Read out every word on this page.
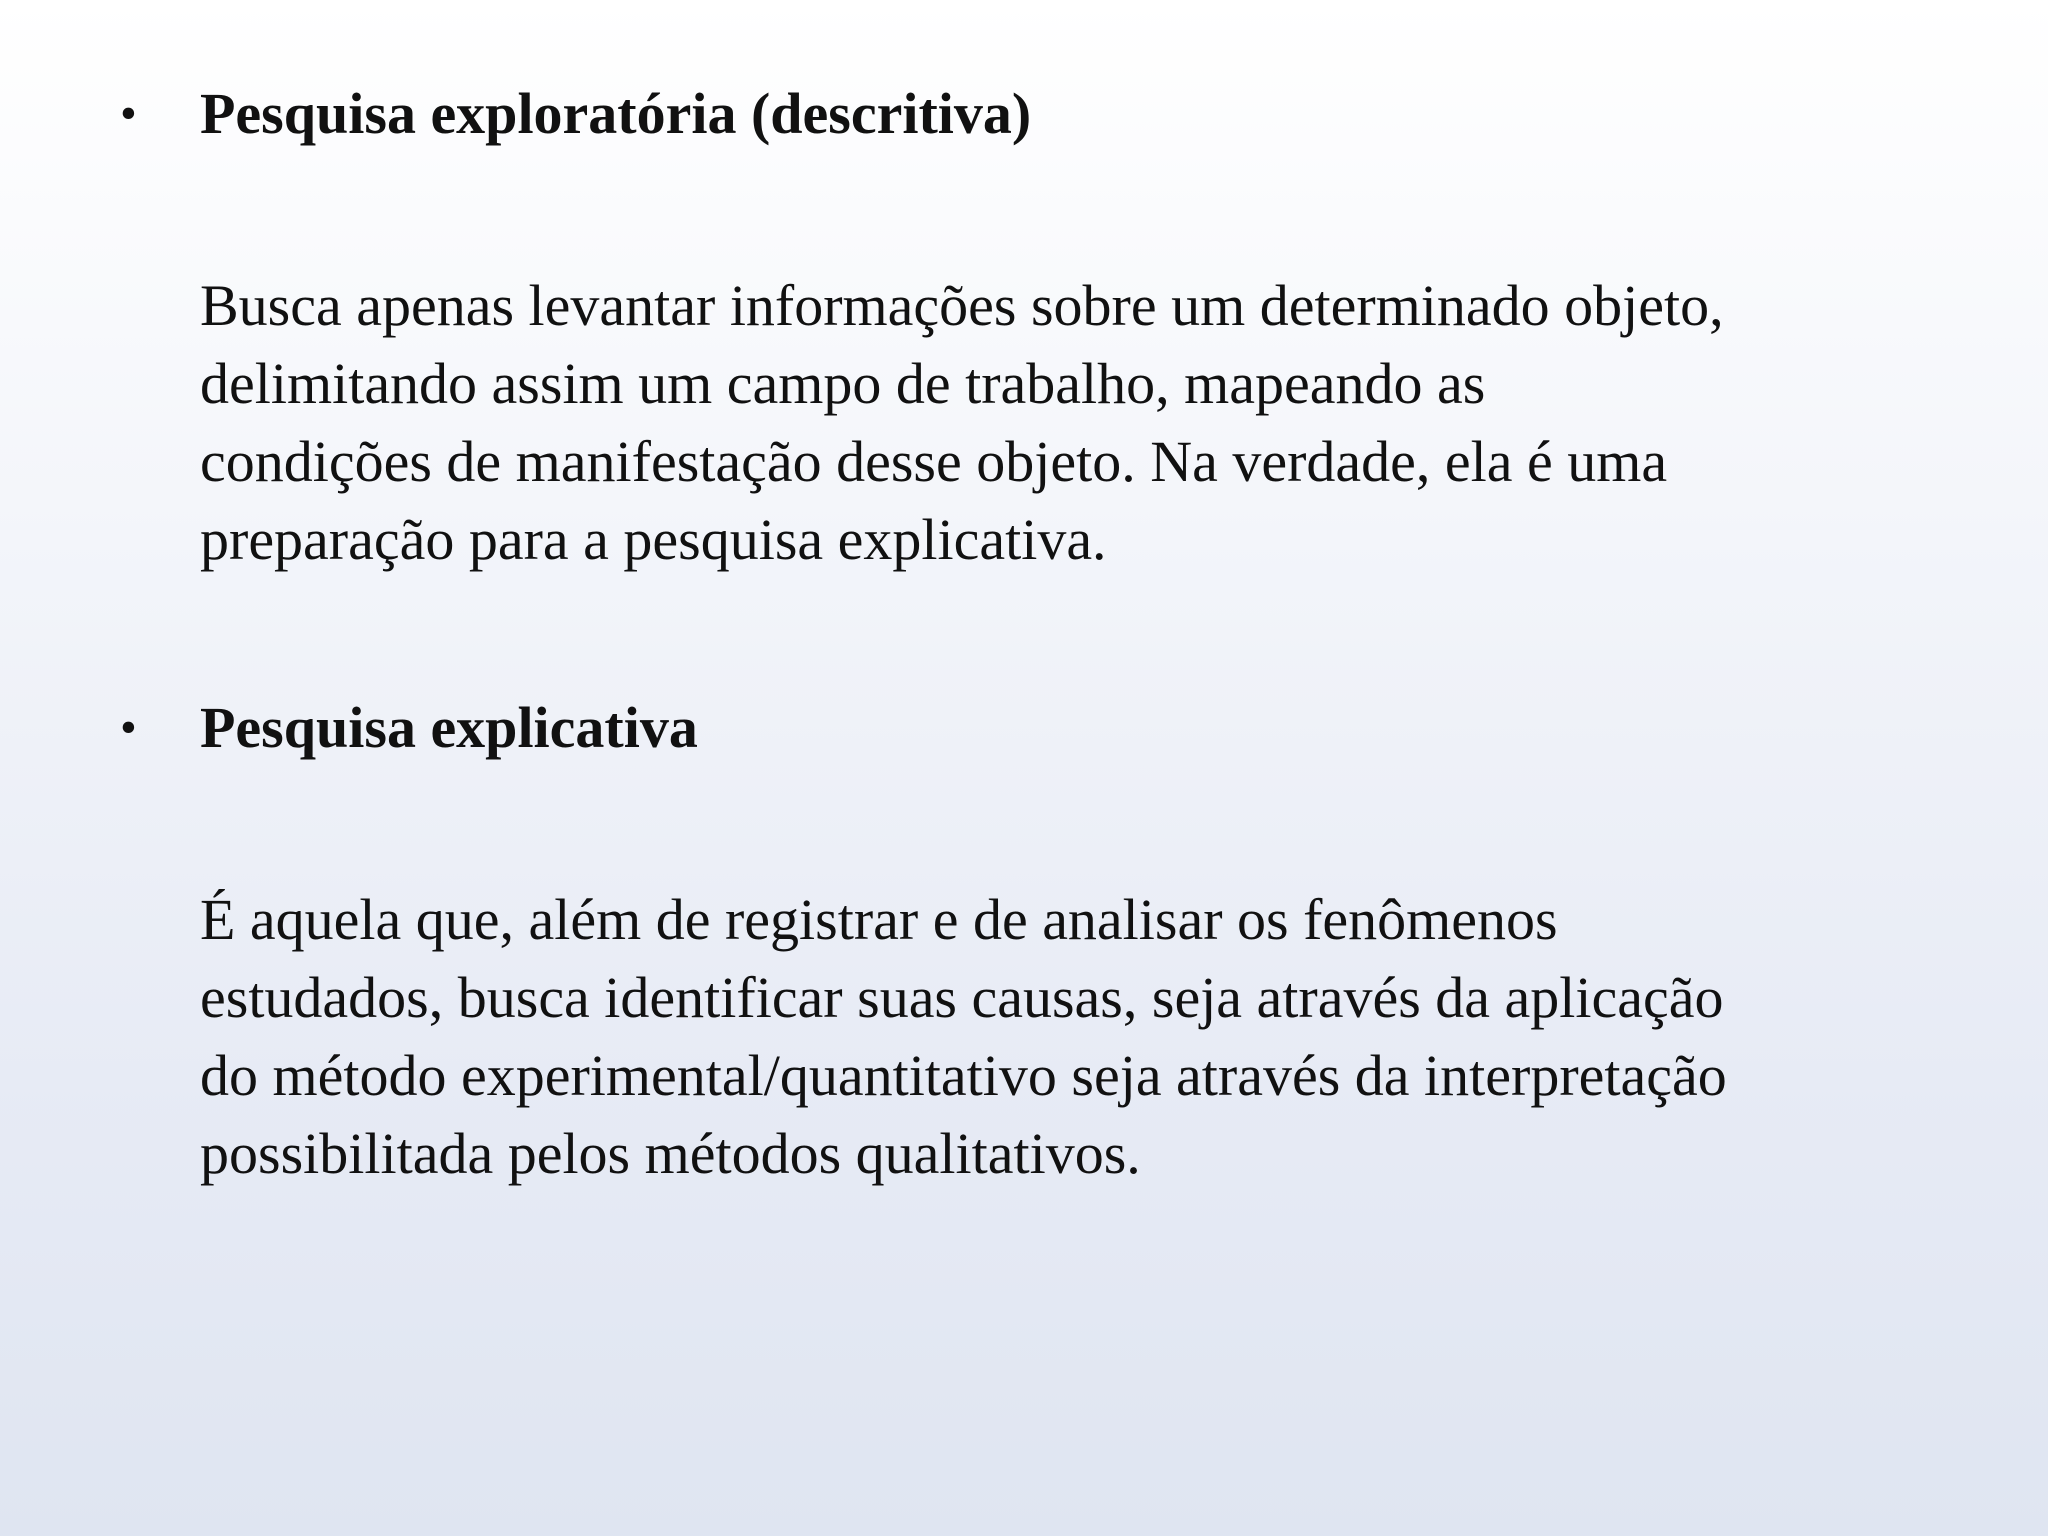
• Pesquisa exploratória (descritiva)
Busca apenas levantar informações sobre um determinado objeto,
delimitando assim um campo de trabalho, mapeando as
condições de manifestação desse objeto. Na verdade, ela é uma
preparação para a pesquisa explicativa.
• Pesquisa explicativa
É aquela que, além de registrar e de analisar os fenômenos
estudados, busca identificar suas causas, seja através da aplicação
do método experimental/quantitativo seja através da interpretação
possibilitada pelos métodos qualitativos.
